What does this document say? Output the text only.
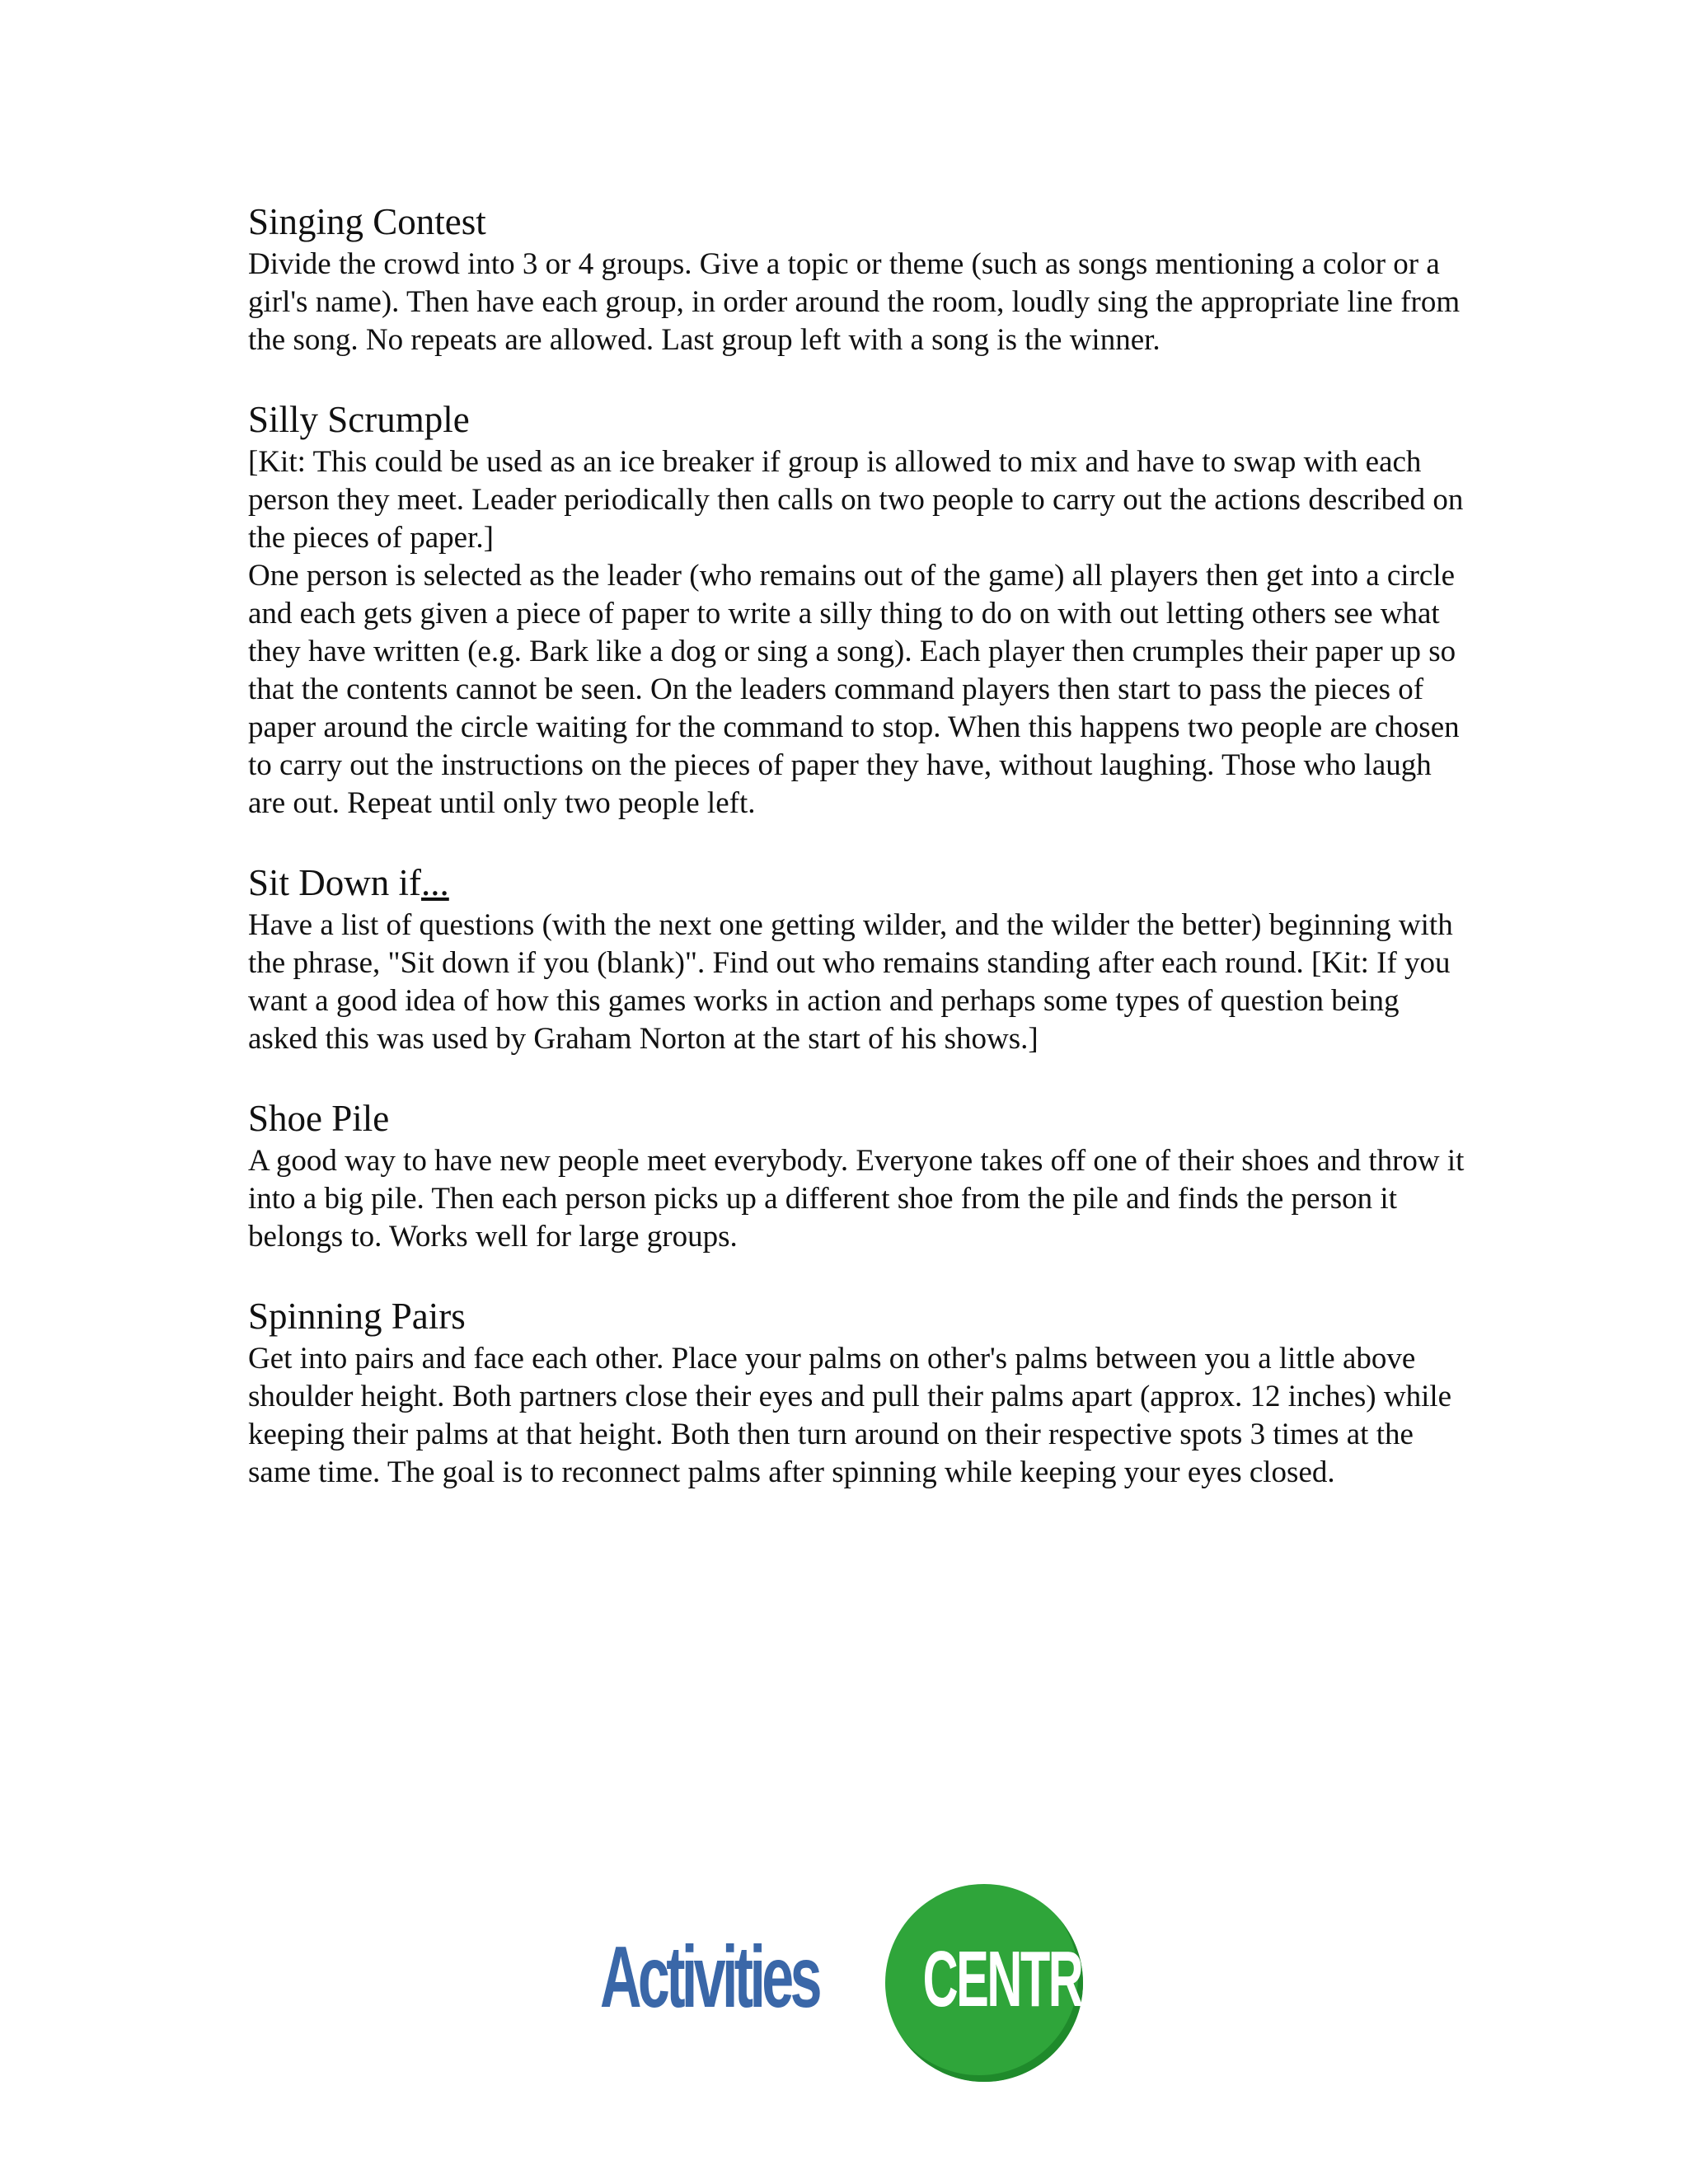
Singing Contest

Divide the crowd into 3 or 4 groups. Give a topic or theme (such as songs mentioning a color or a girl's name). Then have each group, in order around the room, loudly sing the appropriate line from the song. No repeats are allowed. Last group left with a song is the winner.

Silly Scrumple

[Kit: This could be used as an ice breaker if group is allowed to mix and have to swap with each person they meet. Leader periodically then calls on two people to carry out the actions described on the pieces of paper.]

One person is selected as the leader (who remains out of the game) all players then get into a circle and each gets given a piece of paper to write a silly thing to do on with out letting others see what they have written (e.g. Bark like a dog or sing a song). Each player then crumples their paper up so that the contents cannot be seen. On the leaders command players then start to pass the pieces of paper around the circle waiting for the command to stop. When this happens two people are chosen to carry out the instructions on the pieces of paper they have, without laughing. Those who laugh are out. Repeat until only two people left.

Sit Down if...

Have a list of questions (with the next one getting wilder, and the wilder the better) beginning with the phrase, "Sit down if you (blank)". Find out who remains standing after each round. [Kit: If you want a good idea of how this games works in action and perhaps some types of question being asked this was used by Graham Norton at the start of his shows.]

Shoe Pile

A good way to have new people meet everybody. Everyone takes off one of their shoes and throw it into a big pile. Then each person picks up a different shoe from the pile and finds the person it belongs to. Works well for large groups.

Spinning Pairs

Get into pairs and face each other. Place your palms on other's palms between you a little above shoulder height. Both partners close their eyes and pull their palms apart (approx. 12 inches) while keeping their palms at that height. Both then turn around on their respective spots 3 times at the same time. The goal is to reconnect palms after spinning while keeping your eyes closed.

Activities CENTRAL
